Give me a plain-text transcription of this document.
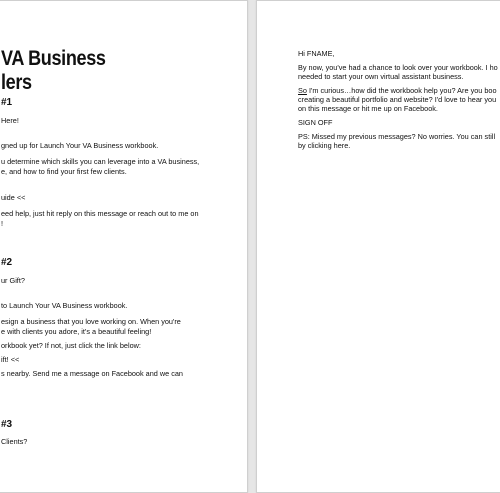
VA Business
lers
#1
Here!
gned up for Launch Your VA Business workbook.
u determine which skills you can leverage into a VA business,
e, and how to find your first few clients.
uide <<
eed help, just hit reply on this message or reach out to me on
!
#2
ur Gift?
to Launch Your VA Business workbook.
esign a business that you love working on. When you're
e with clients you adore, it's a beautiful feeling!
orkbook yet? If not, just click the link below:
ift! <<
s nearby. Send me a message on Facebook and we can
#3
Clients?
Hi FNAME,
By now, you've had a chance to look over your workbook. I ho
needed to start your own virtual assistant business.
So I'm curious…how did the workbook help you? Are you boo
creating a beautiful portfolio and website? I'd love to hear you
on this message or hit me up on Facebook.
SIGN OFF
PS: Missed my previous messages? No worries. You can still
by clicking here.
